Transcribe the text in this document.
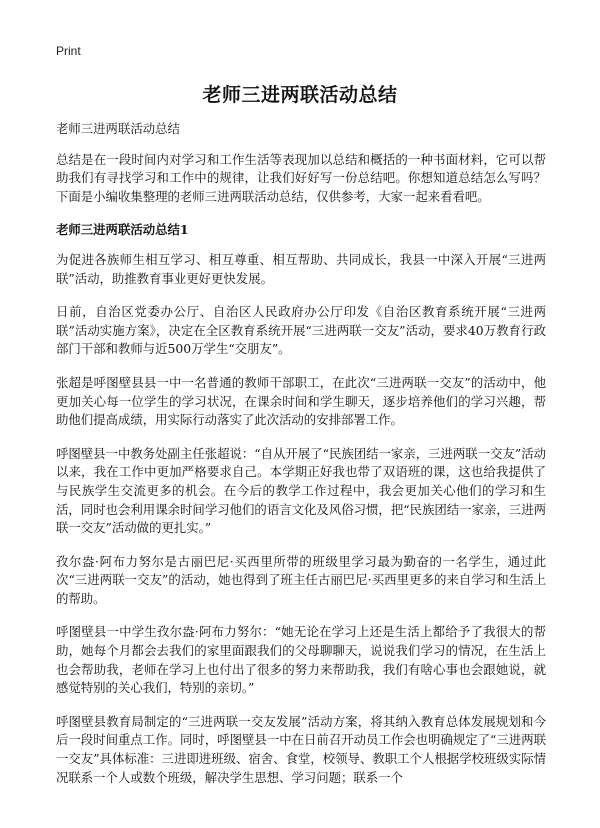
Print
老师三进两联活动总结

老师三进两联活动总结

总结是在一段时间内对学习和工作生活等表现加以总结和概括的一种书面材料，它可以帮助我们有寻找学习和工作中的规律，让我们好好写一份总结吧。你想知道总结怎么写吗？下面是小编收集整理的老师三进两联活动总结，仅供参考，大家一起来看看吧。

老师三进两联活动总结1

为促进各族师生相互学习、相互尊重、相互帮助、共同成长，我县一中深入开展“三进两联”活动，助推教育事业更好更快发展。

日前，自治区党委办公厅、自治区人民政府办公厅印发《自治区教育系统开展“三进两联”活动实施方案》，决定在全区教育系统开展“三进两联一交友”活动，要求40万教育行政部门干部和教师与近500万学生“交朋友”。

张超是呼图壁县县一中一名普通的教师干部职工，在此次“三进两联一交友”的活动中，他更加关心每一位学生的学习状况，在课余时间和学生聊天，逐步培养他们的学习兴趣，帮助他们提高成绩，用实际行动落实了此次活动的安排部署工作。

呼图壁县一中教务处副主任张超说：“自从开展了“民族团结一家亲，三进两联一交友”活动以来，我在工作中更加严格要求自己。本学期正好我也带了双语班的课，这也给我提供了与民族学生交流更多的机会。在今后的教学工作过程中，我会更加关心他们的学习和生活，同时也会利用课余时间学习他们的语言文化及风俗习惯，把“民族团结一家亲，三进两联一交友”活动做的更扎实。”

孜尔盎·阿布力努尔是古丽巴尼·买西里所带的班级里学习最为勤奋的一名学生，通过此次“三进两联一交友”的活动，她也得到了班主任古丽巴尼·买西里更多的来自学习和生活上的帮助。

呼图壁县一中学生孜尔盎·阿布力努尔：“她无论在学习上还是生活上都给予了我很大的帮助，她每个月都会去我们的家里面跟我们的父母聊聊天，说说我们学习的情况，在生活上也会帮助我，老师在学习上也付出了很多的努力来帮助我，我们有啥心事也会跟她说，就感觉特别的关心我们，特别的亲切。”

呼图壁县教育局制定的“三进两联一交友发展”活动方案，将其纳入教育总体发展规划和今后一段时间重点工作。同时，呼图壁县一中在日前召开动员工作会也明确规定了“三进两联一交友”具体标准：三进即进班级、宿舍、食堂，校领导、教职工个人根据学校班级实际情况联系一个人或数个班级，解决学生思想、学习问题；联系一个
